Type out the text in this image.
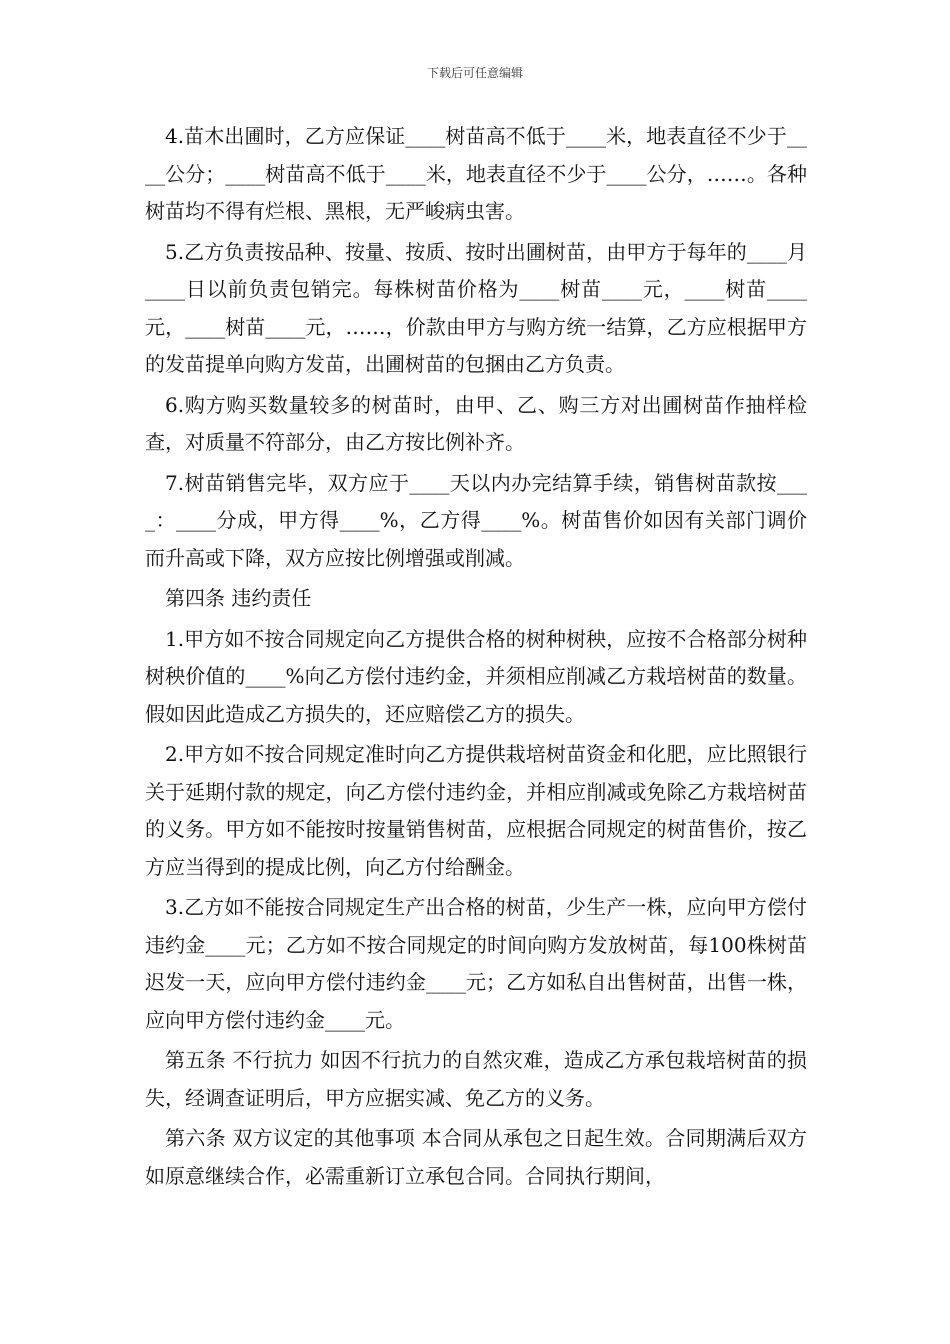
下载后可任意编辑

4.苗木出圃时，乙方应保证____树苗高不低于____米，地表直径不少于____公分；____树苗高不低于____米，地表直径不少于____公分，……。各种树苗均不得有烂根、黑根，无严峻病虫害。

5.乙方负责按品种、按量、按质、按时出圃树苗，由甲方于每年的____月____日以前负责包销完。每株树苗价格为____树苗____元，____树苗____元，____树苗____元，……，价款由甲方与购方统一结算，乙方应根据甲方的发苗提单向购方发苗，出圃树苗的包捆由乙方负责。

6.购方购买数量较多的树苗时，由甲、乙、购三方对出圃树苗作抽样检查，对质量不符部分，由乙方按比例补齐。

7.树苗销售完毕，双方应于____天以内办完结算手续，销售树苗款按____：____分成，甲方得____%，乙方得____%。树苗售价如因有关部门调价而升高或下降，双方应按比例增强或削减。

第四条 违约责任

1.甲方如不按合同规定向乙方提供合格的树种树秧，应按不合格部分树种树秧价值的____%向乙方偿付违约金，并须相应削减乙方栽培树苗的数量。假如因此造成乙方损失的，还应赔偿乙方的损失。

2.甲方如不按合同规定准时向乙方提供栽培树苗资金和化肥，应比照银行关于延期付款的规定，向乙方偿付违约金，并相应削减或免除乙方栽培树苗的义务。甲方如不能按时按量销售树苗，应根据合同规定的树苗售价，按乙方应当得到的提成比例，向乙方付给酬金。

3.乙方如不能按合同规定生产出合格的树苗，少生产一株，应向甲方偿付违约金____元；乙方如不按合同规定的时间向购方发放树苗，每100株树苗迟发一天，应向甲方偿付违约金____元；乙方如私自出售树苗，出售一株，应向甲方偿付违约金____元。

第五条 不行抗力 如因不行抗力的自然灾难，造成乙方承包栽培树苗的损失，经调查证明后，甲方应据实减、免乙方的义务。

第六条 双方议定的其他事项 本合同从承包之日起生效。合同期满后双方如原意继续合作，必需重新订立承包合同。合同执行期间，
